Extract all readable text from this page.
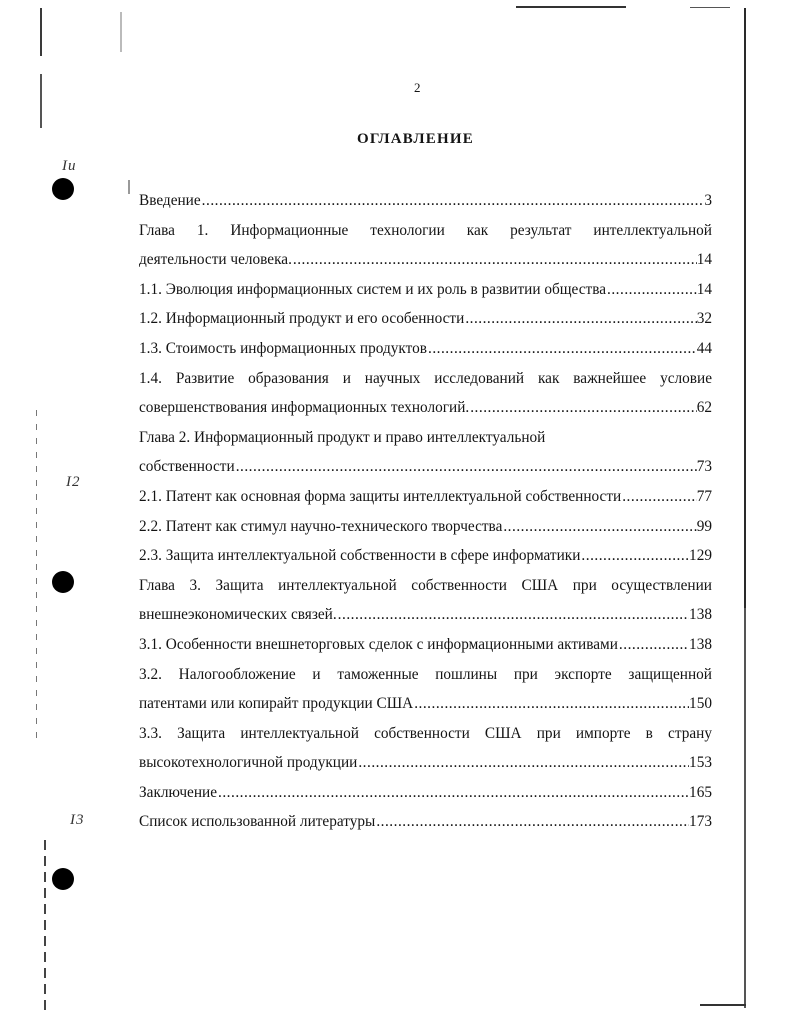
Iи
I2
I3
2
ОГЛАВЛЕНИЕ
Введение .....	3
Глава 1. Информационные технологии как результат интеллектуальной
деятельности человека. .....	14
1.1. Эволюция информационных систем и их роль в развитии общества .....	14
1.2. Информационный продукт и его особенности .....	32
1.3. Стоимость информационных продуктов .....	44
1.4. Развитие образования и научных исследований как важнейшее условие
совершенствования информационных технологий. .....	62
Глава 2. Информационный продукт и право интеллектуальной
собственности .....	73
2.1. Патент как основная форма защиты интеллектуальной собственности .....	77
2.2. Патент как стимул научно-технического творчества .....	99
2.3. Защита интеллектуальной собственности в сфере информатики .....	129
Глава 3. Защита интеллектуальной собственности США при осуществлении
внешнеэкономических связей. .....	138
3.1. Особенности внешнеторговых сделок с информационными активами .....	138
3.2. Налогообложение и таможенные пошлины при экспорте защищенной
патентами или копирайт продукции США .....	150
3.3. Защита интеллектуальной собственности США при импорте в страну
высокотехнологичной продукции .....	153
Заключение .....	165
Список использованной литературы .....	173
